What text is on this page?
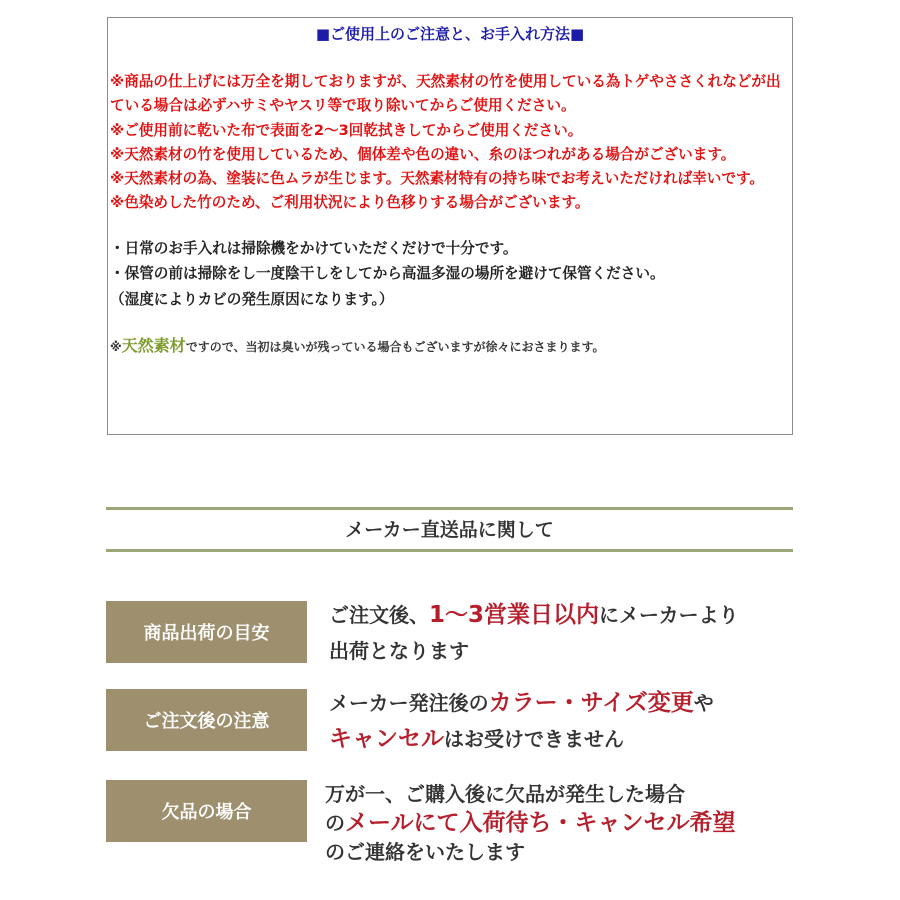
■ご使用上のご注意と、お手入れ方法■

※商品の仕上げには万全を期しておりますが、天然素材の竹を使用している為トゲやささくれなどが出ている場合は必ずハサミやヤスリ等で取り除いてからご使用ください。

※ご使用前に乾いた布で表面を2〜3回乾拭きしてからご使用ください。

※天然素材の竹を使用しているため、個体差や色の違い、糸のほつれがある場合がございます。

※天然素材の為、塗装に色ムラが生じます。天然素材特有の持ち味でお考えいただければ幸いです。

※色染めした竹のため、ご利用状況により色移りする場合がございます。

・日常のお手入れは掃除機をかけていただくだけで十分です。

・保管の前は掃除をし一度陰干しをしてから高温多湿の場所を避けて保管ください。

（湿度によりカビの発生原因になります。）

※天然素材ですので、当初は臭いが残っている場合もございますが徐々におさまります。
メーカー直送品に関して
商品出荷の目安
ご注文後、1〜3営業日以内にメーカーより
出荷となります
ご注文後の注意
メーカー発注後のカラー・サイズ変更や
キャンセルはお受けできません
欠品の場合
万が一、ご購入後に欠品が発生した場合
のメールにて入荷待ち・キャンセル希望
のご連絡をいたします
